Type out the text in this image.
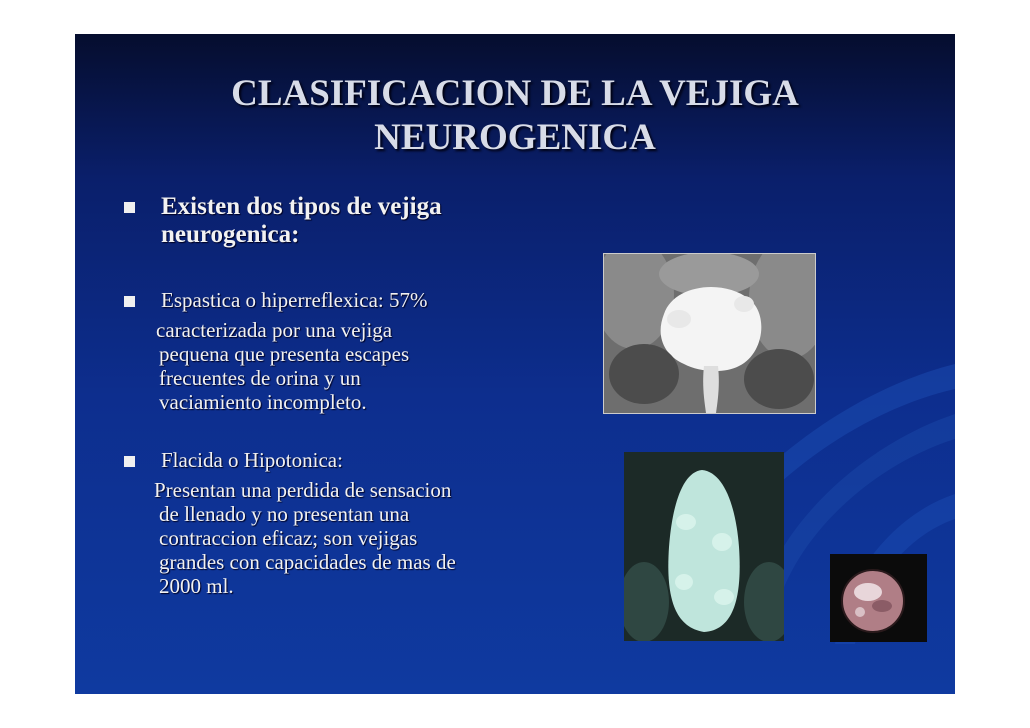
CLASIFICACION DE LA VEJIGA
NEUROGENICA
Existen dos tipos de vejiga
neurogenica:
Espastica o hiperreflexica: 57%
caracterizada por una vejiga
pequena que presenta escapes
frecuentes de orina y un
vaciamiento incompleto.
Flacida o Hipotonica:
Presentan una perdida de sensacion
de llenado y no presentan una
contraccion eficaz; son vejigas
grandes con capacidades de mas de
2000 ml.
